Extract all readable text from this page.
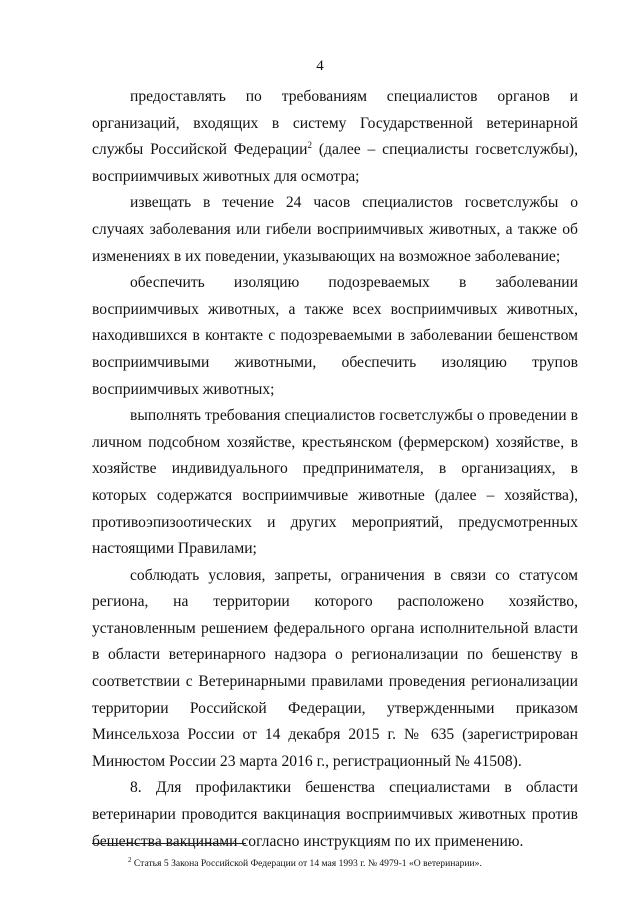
4

предоставлять по требованиям специалистов органов и организаций, входящих в систему Государственной ветеринарной службы Российской Федерации$^2$ (далее – специалисты госветслужбы), восприимчивых животных для осмотра;

извещать в течение 24 часов специалистов госветслужбы о случаях заболевания или гибели восприимчивых животных, а также об изменениях в их поведении, указывающих на возможное заболевание;

обеспечить изоляцию подозреваемых в заболевании восприимчивых животных, а также всех восприимчивых животных, находившихся в контакте с подозреваемыми в заболевании бешенством восприимчивыми животными, обеспечить изоляцию трупов восприимчивых животных;

выполнять требования специалистов госветслужбы о проведении в личном подсобном хозяйстве, крестьянском (фермерском) хозяйстве, в хозяйстве индивидуального предпринимателя, в организациях, в которых содержатся восприимчивые животные (далее – хозяйства), противоэпизоотических и других мероприятий, предусмотренных настоящими Правилами;

соблюдать условия, запреты, ограничения в связи со статусом региона, на территории которого расположено хозяйство, установленным решением федерального органа исполнительной власти в области ветеринарного надзора о регионализации по бешенству в соответствии с Ветеринарными правилами проведения регионализации территории Российской Федерации, утвержденными приказом Минсельхоза России от 14 декабря 2015 г. № 635 (зарегистрирован Минюстом России 23 марта 2016 г., регистрационный № 41508).

8. Для профилактики бешенства специалистами в области ветеринарии проводится вакцинация восприимчивых животных против бешенства вакцинами согласно инструкциям по их применению.

$^2$ Статья 5 Закона Российской Федерации от 14 мая 1993 г. № 4979-1 «О ветеринарии».
